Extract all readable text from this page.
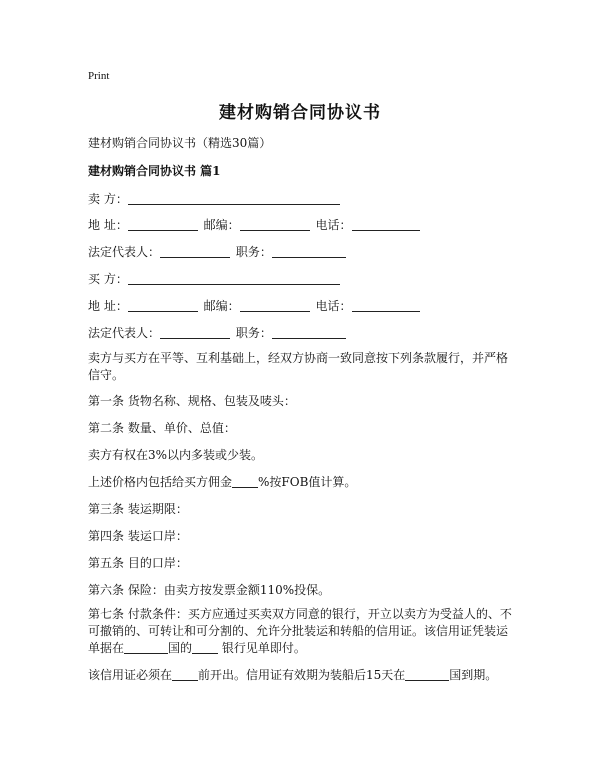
Print
建材购销合同协议书
建材购销合同协议书（精选30篇）
建材购销合同协议书 篇1
卖 方：
地 址：	邮编：	电话：
法定代表人：	职务：
买 方：
地 址：	邮编：	电话：
法定代表人：	职务：
卖方与买方在平等、互利基础上，经双方协商一致同意按下列条款履行，并严格信守。
第一条 货物名称、规格、包装及唛头：
第二条 数量、单价、总值：
卖方有权在3%以内多装或少装。
上述价格内包括给买方佣金 %按FOB值计算。
第三条 装运期限：
第四条 装运口岸：
第五条 目的口岸：
第六条 保险：由卖方按发票金额110%投保。
第七条 付款条件：买方应通过买卖双方同意的银行，开立以卖方为受益人的、不可撤销的、可转让和可分割的、允许分批装运和转船的信用证。该信用证凭装运单据在	国的 银行见单即付。
该信用证必须在 前开出。信用证有效期为装船后15天在	国到期。
